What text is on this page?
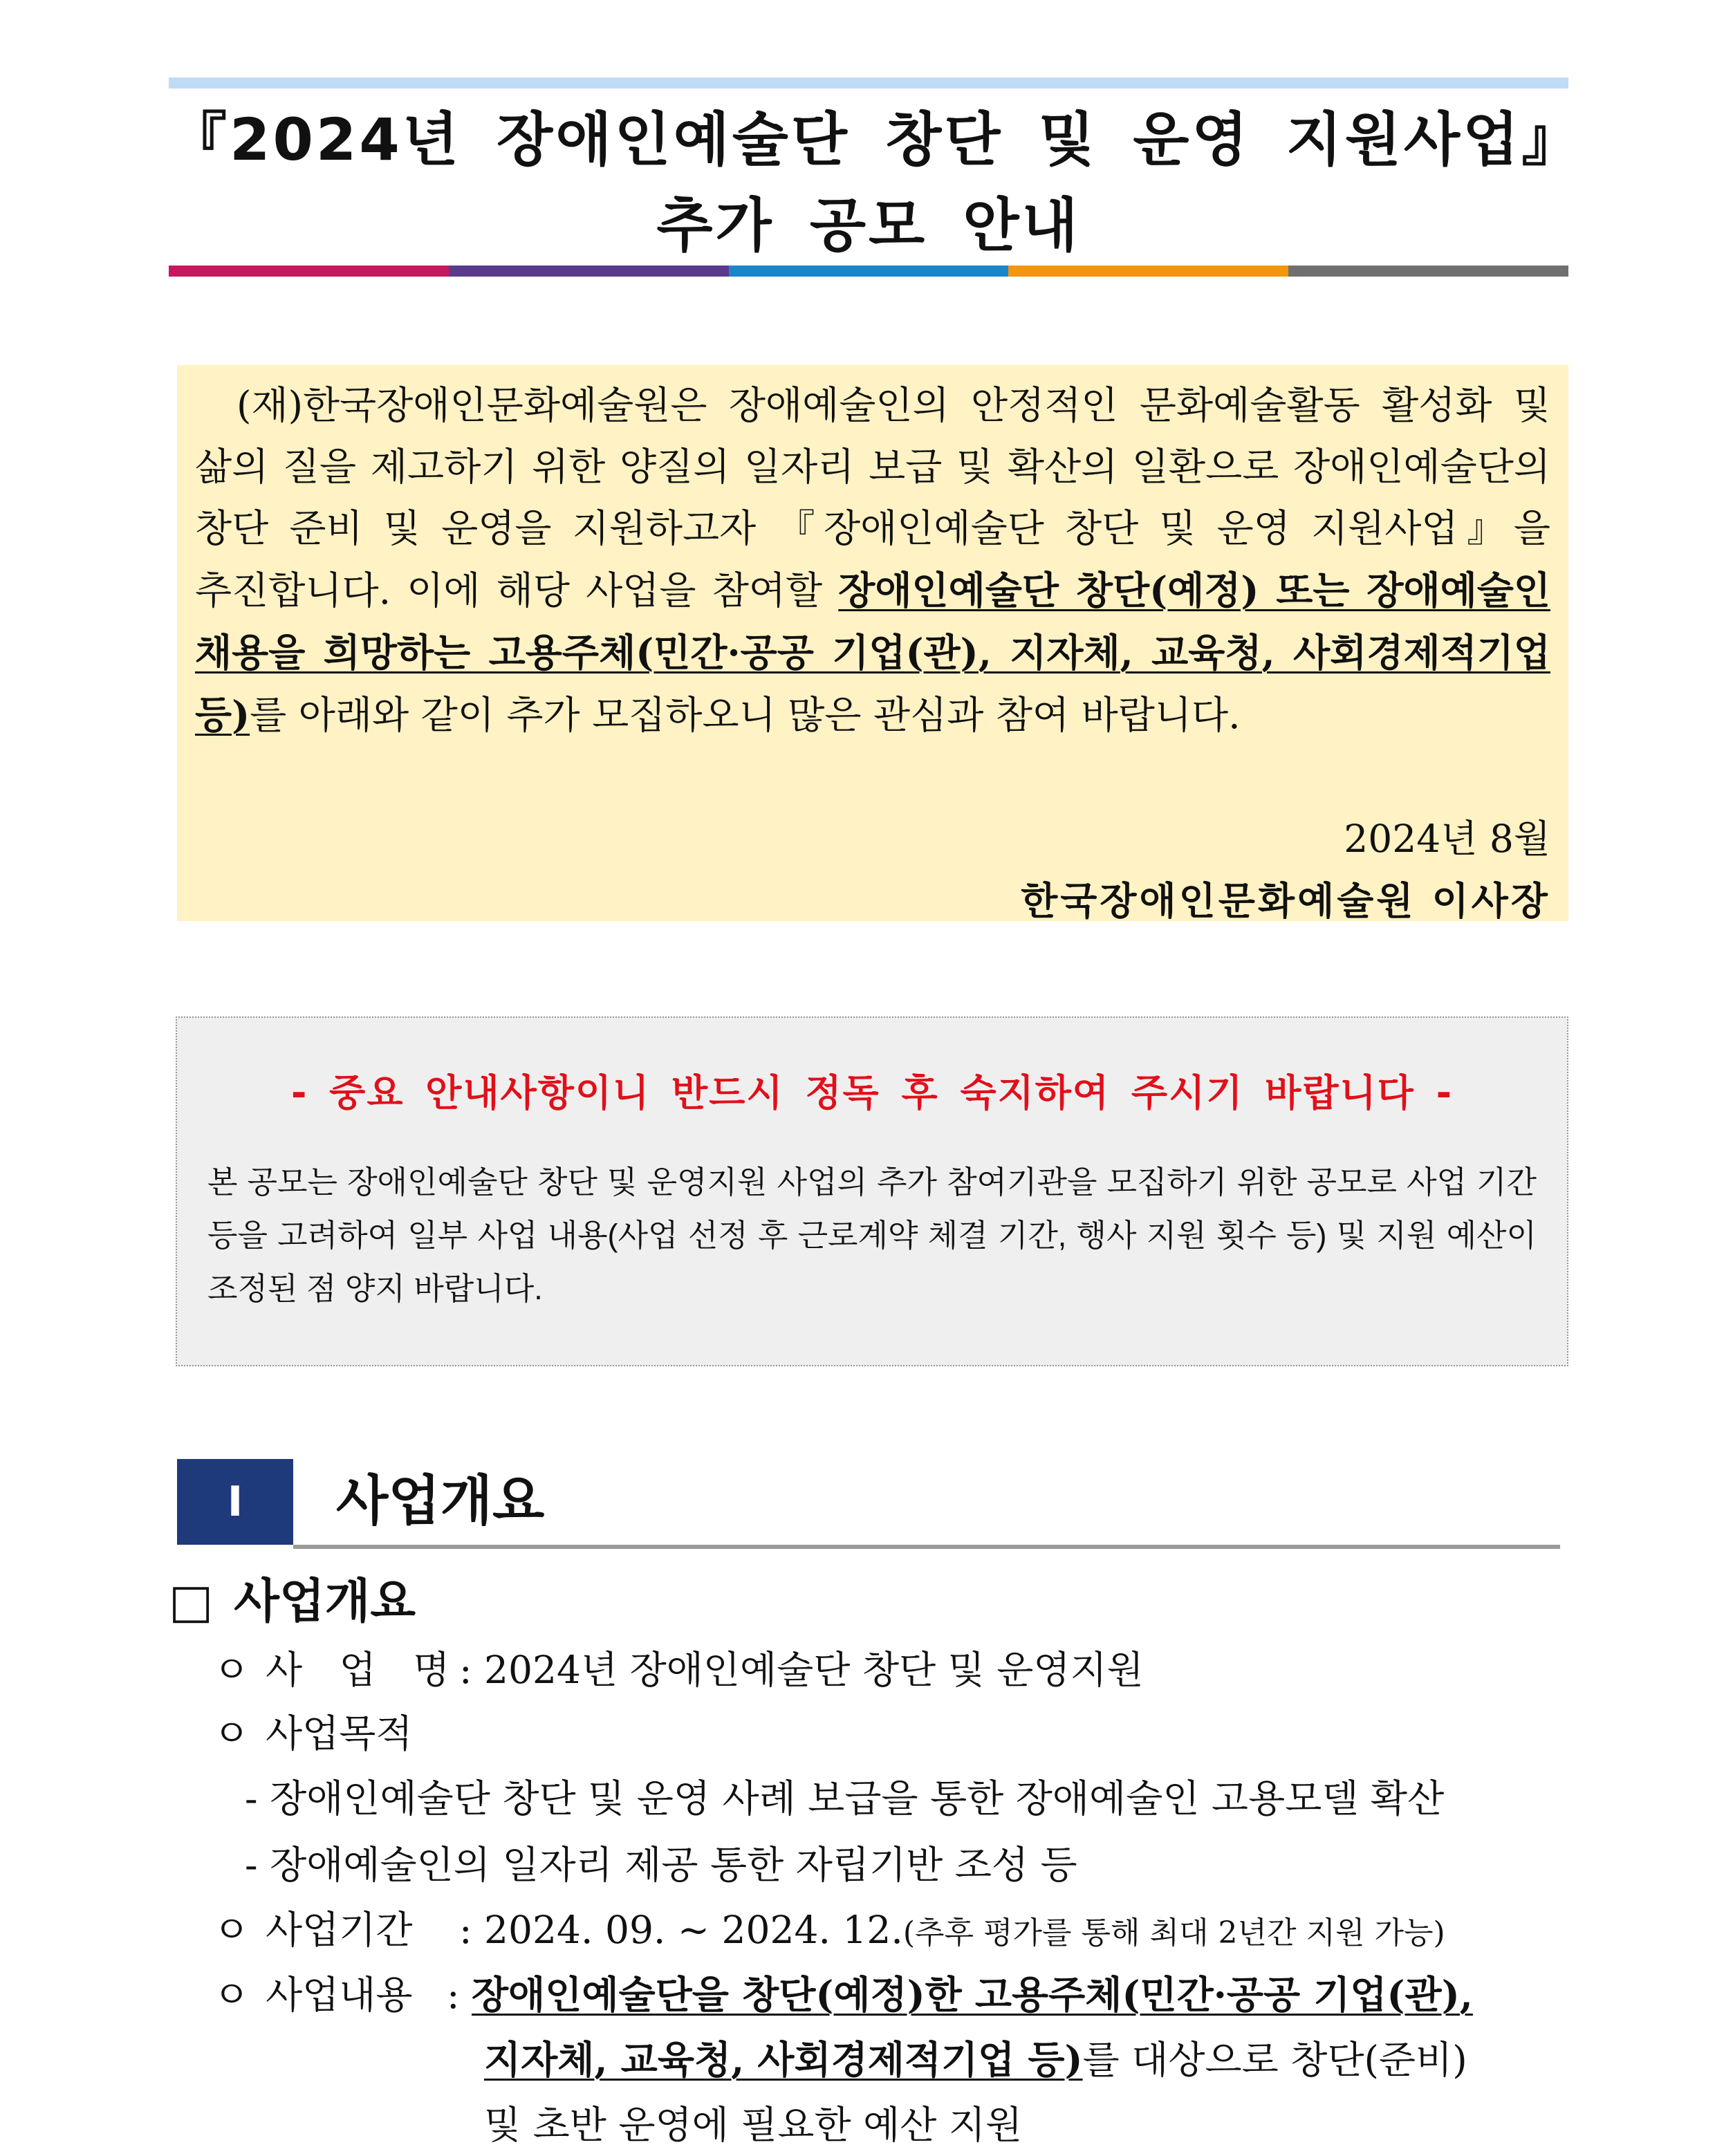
『2024년 장애인예술단 창단 및 운영 지원사업』
추가 공모 안내
(재)한국장애인문화예술원은 장애예술인의 안정적인 문화예술활동 활성화 및 삶의 질을 제고하기 위한 양질의 일자리 보급 및 확산의 일환으로 장애인예술단의 창단 준비 및 운영을 지원하고자 『장애인예술단 창단 및 운영 지원사업』을 추진합니다. 이에 해당 사업을 참여할 장애인예술단 창단(예정) 또는 장애예술인 채용을 희망하는 고용주체(민간·공공 기업(관), 지자체, 교육청, 사회경제적기업 등)를 아래와 같이 추가 모집하오니 많은 관심과 참여 바랍니다.
2024년 8월
한국장애인문화예술원 이사장
- 중요 안내사항이니 반드시 정독 후 숙지하여 주시기 바랍니다 -
본 공모는 장애인예술단 창단 및 운영지원 사업의 추가 참여기관을 모집하기 위한 공모로 사업 기간 등을 고려하여 일부 사업 내용(사업 선정 후 근로계약 체결 기간, 행사 지원 횟수 등) 및 지원 예산이 조정된 점 양지 바랍니다.
Ⅰ	사업개요
□ 사업개요
ㅇ 사 업 명: 2024년 장애인예술단 창단 및 운영지원
ㅇ 사업목적
- 장애인예술단 창단 및 운영 사례 보급을 통한 장애예술인 고용모델 확산
- 장애예술인의 일자리 제공 통한 자립기반 조성 등
ㅇ 사업기간 : 2024. 09. ~ 2024. 12.(추후 평가를 통해 최대 2년간 지원 가능)
ㅇ 사업내용 : 장애인예술단을 창단(예정)한 고용주체(민간·공공 기업(관),
지자체, 교육청, 사회경제적기업 등)를 대상으로 창단(준비)
및 초반 운영에 필요한 예산 지원
